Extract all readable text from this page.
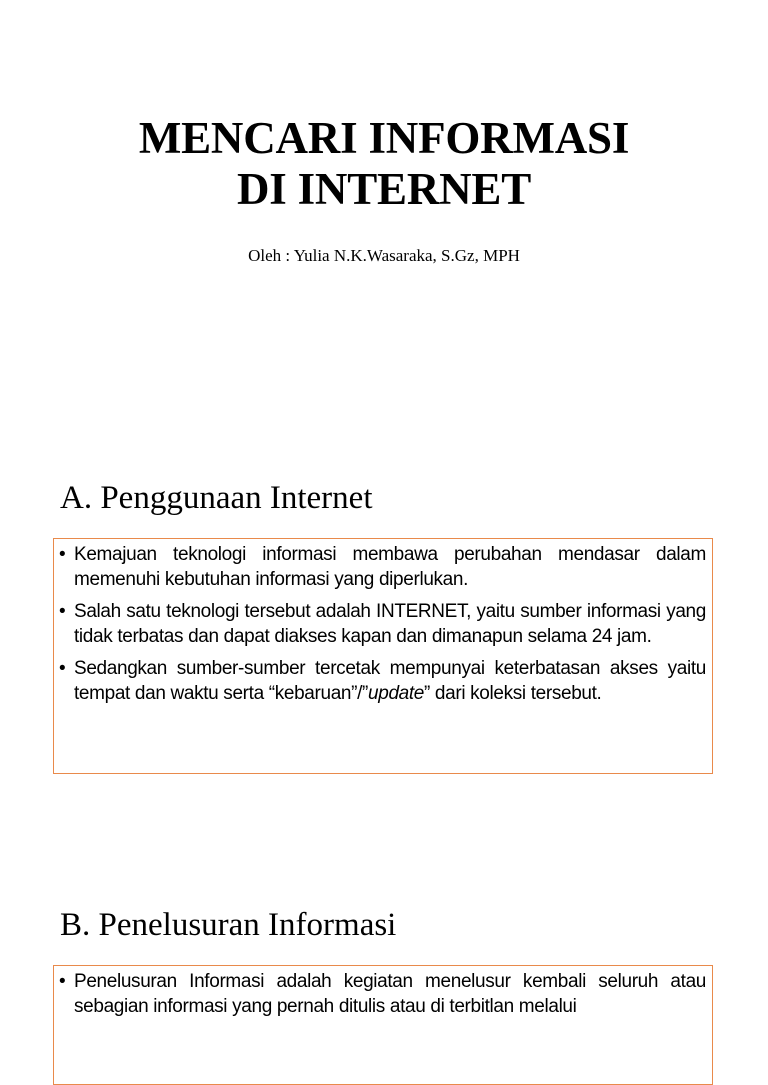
MENCARI INFORMASI
DI INTERNET
Oleh : Yulia N.K.Wasaraka, S.Gz, MPH
A. Penggunaan Internet
• Kemajuan teknologi informasi membawa perubahan mendasar dalam memenuhi kebutuhan informasi yang diperlukan.
• Salah satu teknologi tersebut adalah INTERNET, yaitu sumber informasi yang tidak terbatas dan dapat diakses kapan dan dimanapun selama 24 jam.
• Sedangkan sumber-sumber tercetak mempunyai keterbatasan akses yaitu tempat dan waktu serta “kebaruan”/”update” dari koleksi tersebut.
B. Penelusuran Informasi
• Penelusuran Informasi adalah kegiatan menelusur kembali seluruh atau sebagian informasi yang pernah ditulis atau di terbitlan melalui
